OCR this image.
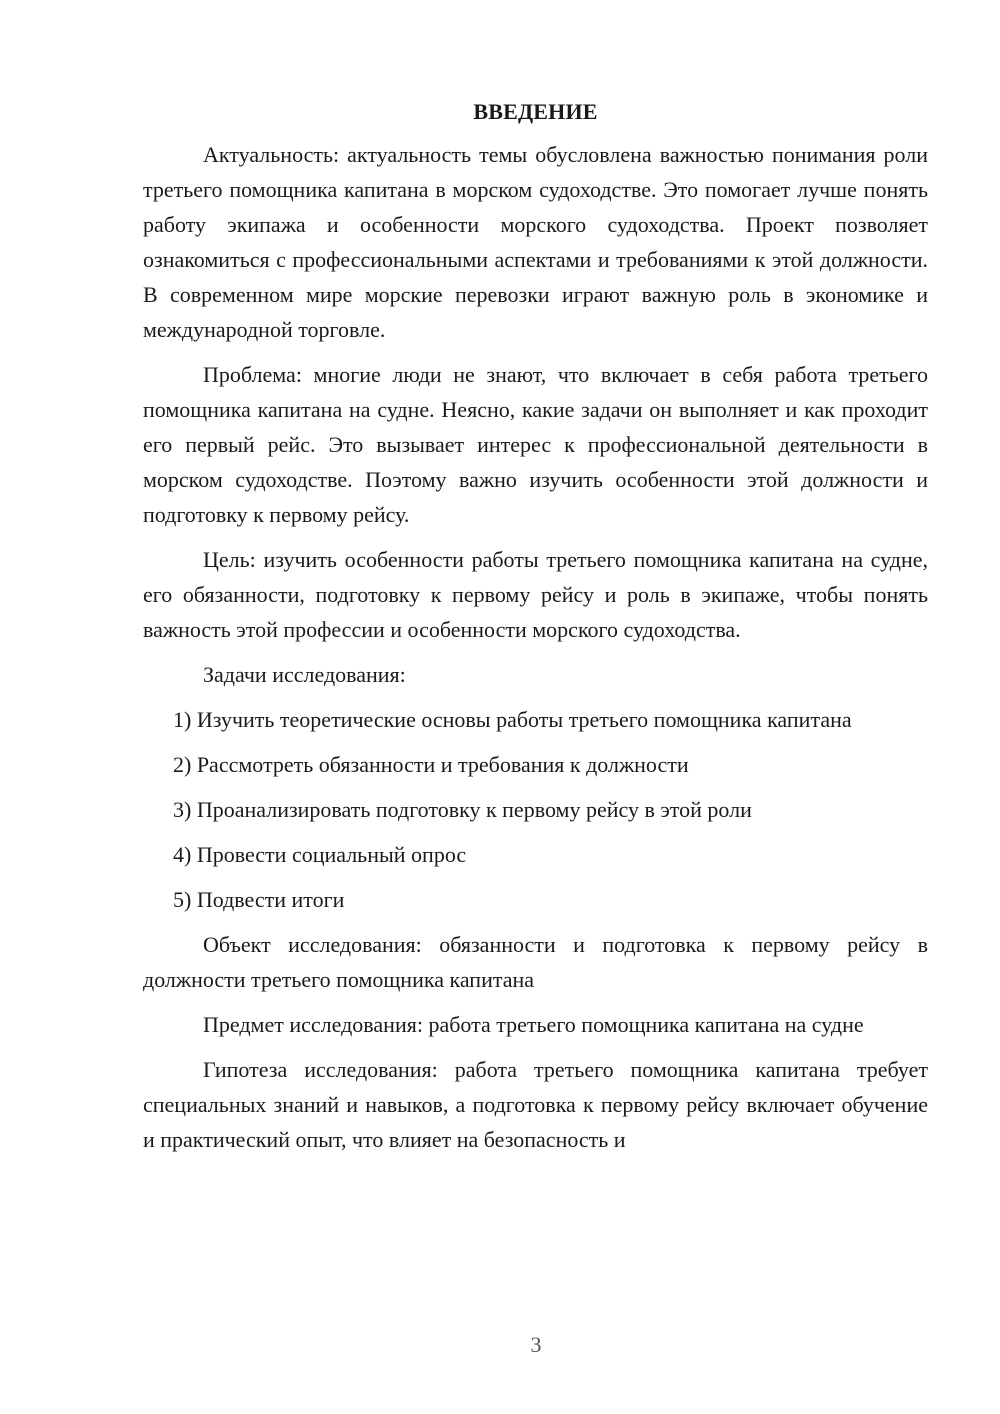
ВВЕДЕНИЕ

Актуальность: актуальность темы обусловлена важностью понимания роли третьего помощника капитана в морском судоходстве. Это помогает лучше понять работу экипажа и особенности морского судоходства. Проект позволяет ознакомиться с профессиональными аспектами и требованиями к этой должности. В современном мире морские перевозки играют важную роль в экономике и международной торговле.

Проблема: многие люди не знают, что включает в себя работа третьего помощника капитана на судне. Неясно, какие задачи он выполняет и как проходит его первый рейс. Это вызывает интерес к профессиональной деятельности в морском судоходстве. Поэтому важно изучить особенности этой должности и подготовку к первому рейсу.

Цель: изучить особенности работы третьего помощника капитана на судне, его обязанности, подготовку к первому рейсу и роль в экипаже, чтобы понять важность этой профессии и особенности морского судоходства.

Задачи исследования:

1) Изучить теоретические основы работы третьего помощника капитана

2) Рассмотреть обязанности и требования к должности

3) Проанализировать подготовку к первому рейсу в этой роли

4) Провести социальный опрос

5) Подвести итоги

Объект исследования: обязанности и подготовка к первому рейсу в должности третьего помощника капитана

Предмет исследования: работа третьего помощника капитана на судне

Гипотеза исследования: работа третьего помощника капитана требует специальных знаний и навыков, а подготовка к первому рейсу включает обучение и практический опыт, что влияет на безопасность и

3
